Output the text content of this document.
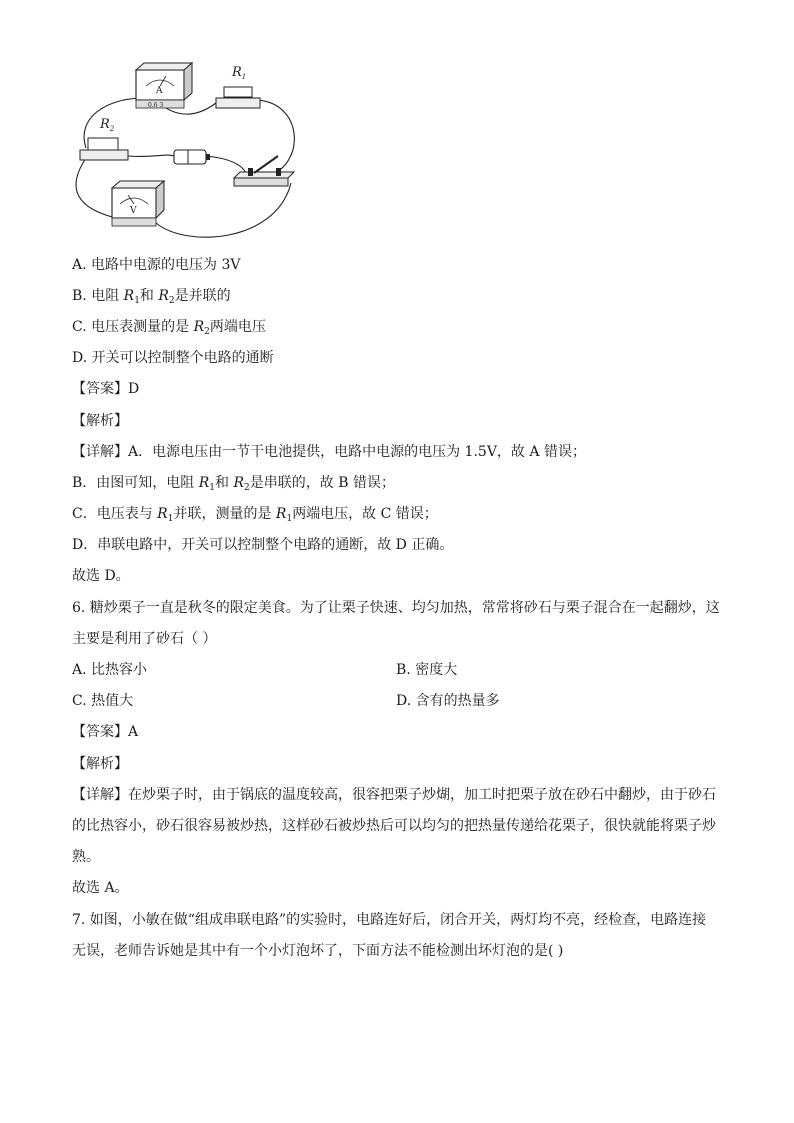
A
0.6 3
$R_1$
$R_2$
V
A. 电路中电源的电压为 3V
B. 电阻 $R_1$和 $R_2$是并联的
C. 电压表测量的是 $R_2$两端电压
D. 开关可以控制整个电路的通断
【答案】D
【解析】
【详解】A．电源电压由一节干电池提供，电路中电源的电压为 1.5V，故 A 错误；
B．由图可知，电阻 $R_1$和 $R_2$是串联的，故 B 错误；
C．电压表与 $R_1$并联，测量的是 $R_1$两端电压，故 C 错误；
D．串联电路中，开关可以控制整个电路的通断，故 D 正确。
故选 D。
6. 糖炒栗子一直是秋冬的限定美食。为了让栗子快速、均匀加热，常常将砂石与栗子混合在一起翻炒，这
主要是利用了砂石（ ）
A. 比热容小	B. 密度大
C. 热值大	D. 含有的热量多
【答案】A
【解析】
【详解】在炒栗子时，由于锅底的温度较高，很容把栗子炒煳，加工时把栗子放在砂石中翻炒，由于砂石
的比热容小，砂石很容易被炒热，这样砂石被炒热后可以均匀的把热量传递给花栗子，很快就能将栗子炒
熟。
故选 A。
7. 如图，小敏在做“组成串联电路”的实验时，电路连好后，闭合开关，两灯均不亮，经检查，电路连接
无误，老师告诉她是其中有一个小灯泡坏了，下面方法不能检测出坏灯泡的是( )
